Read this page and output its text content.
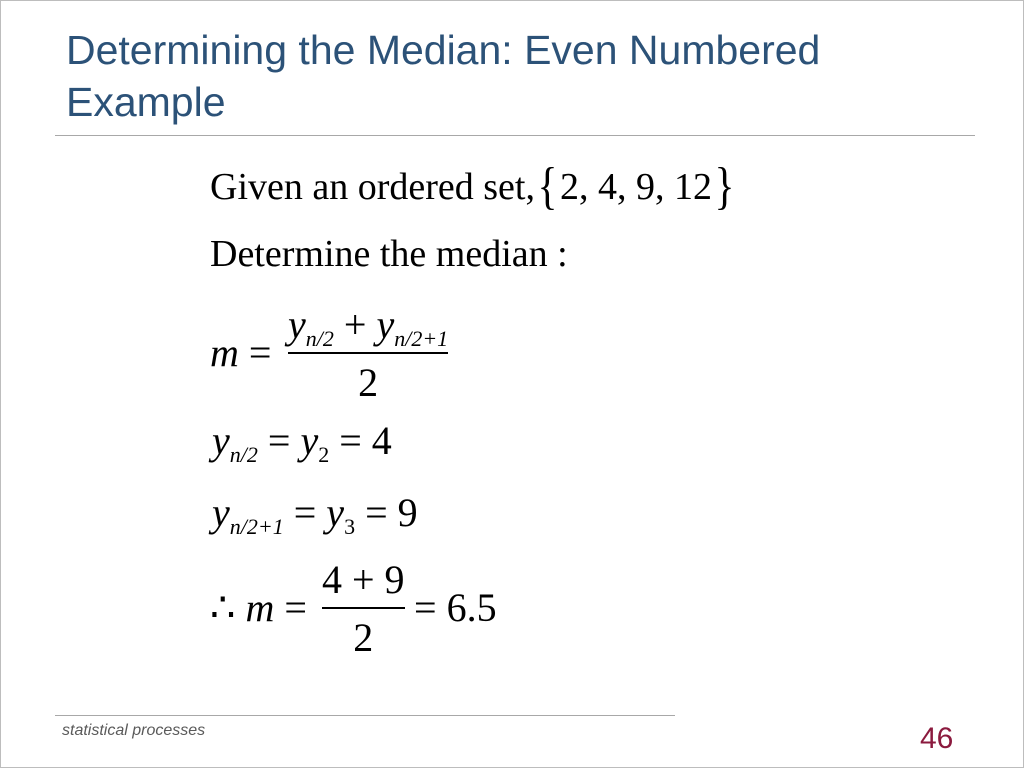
Determining the Median: Even Numbered Example
Given an ordered set,{2, 4, 9, 12}
Determine the median :
m =
$y_{n/2} + y_{n/2+1}$
2
$y_{n/2} = y_2 = 4$
$y_{n/2+1} = y_3 = 9$
∴ m =
4 + 9
2
= 6.5
statistical processes	46
